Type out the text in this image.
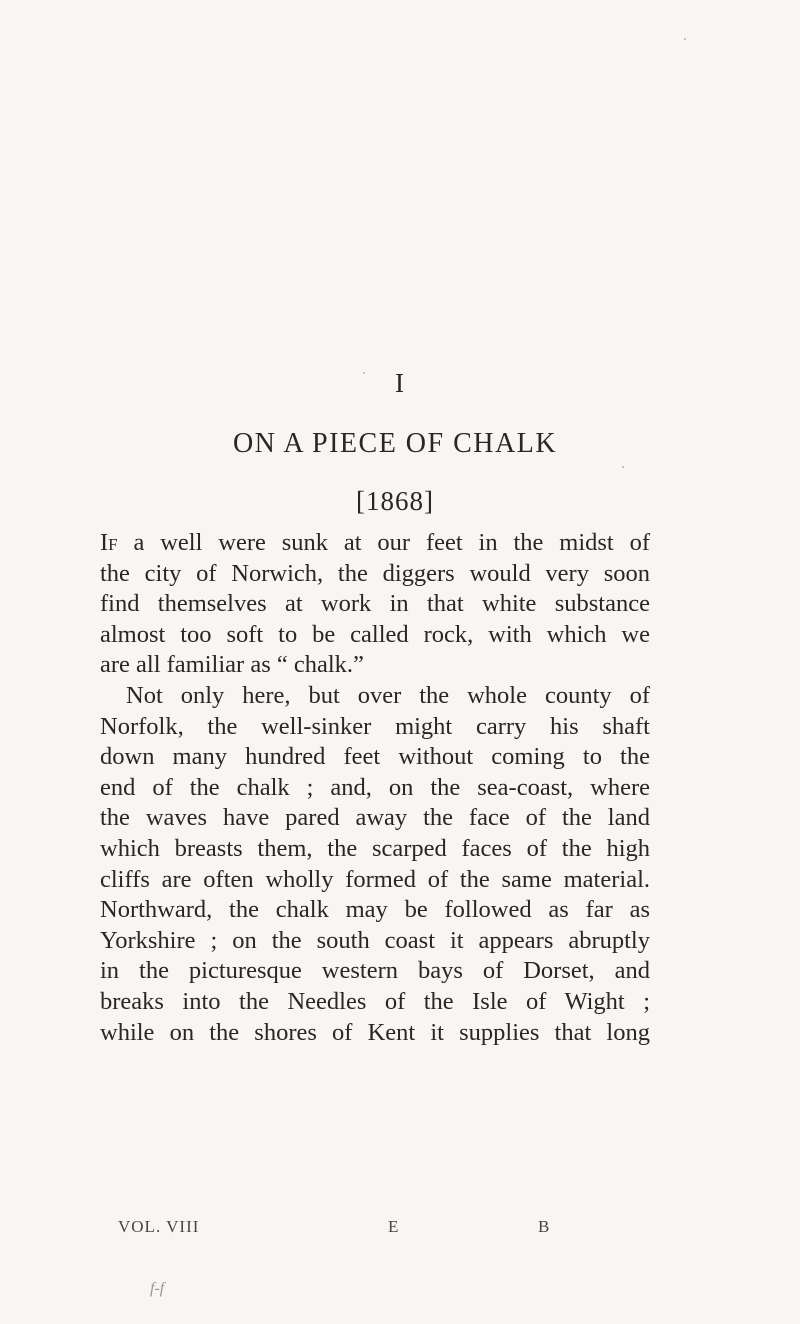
I
ON A PIECE OF CHALK
[1868]
If a well were sunk at our feet in the midst of
the city of Norwich, the diggers would very soon
find themselves at work in that white substance
almost too soft to be called rock, with which we
are all familiar as “ chalk.”
Not only here, but over the whole county of
Norfolk, the well-sinker might carry his shaft
down many hundred feet without coming to the
end of the chalk ; and, on the sea-coast, where
the waves have pared away the face of the land
which breasts them, the scarped faces of the high
cliffs are often wholly formed of the same material.
Northward, the chalk may be followed as far as
Yorkshire ; on the south coast it appears abruptly
in the picturesque western bays of Dorset, and
breaks into the Needles of the Isle of Wight ;
while on the shores of Kent it supplies that long
VOL. VIII	E	B
f-f
